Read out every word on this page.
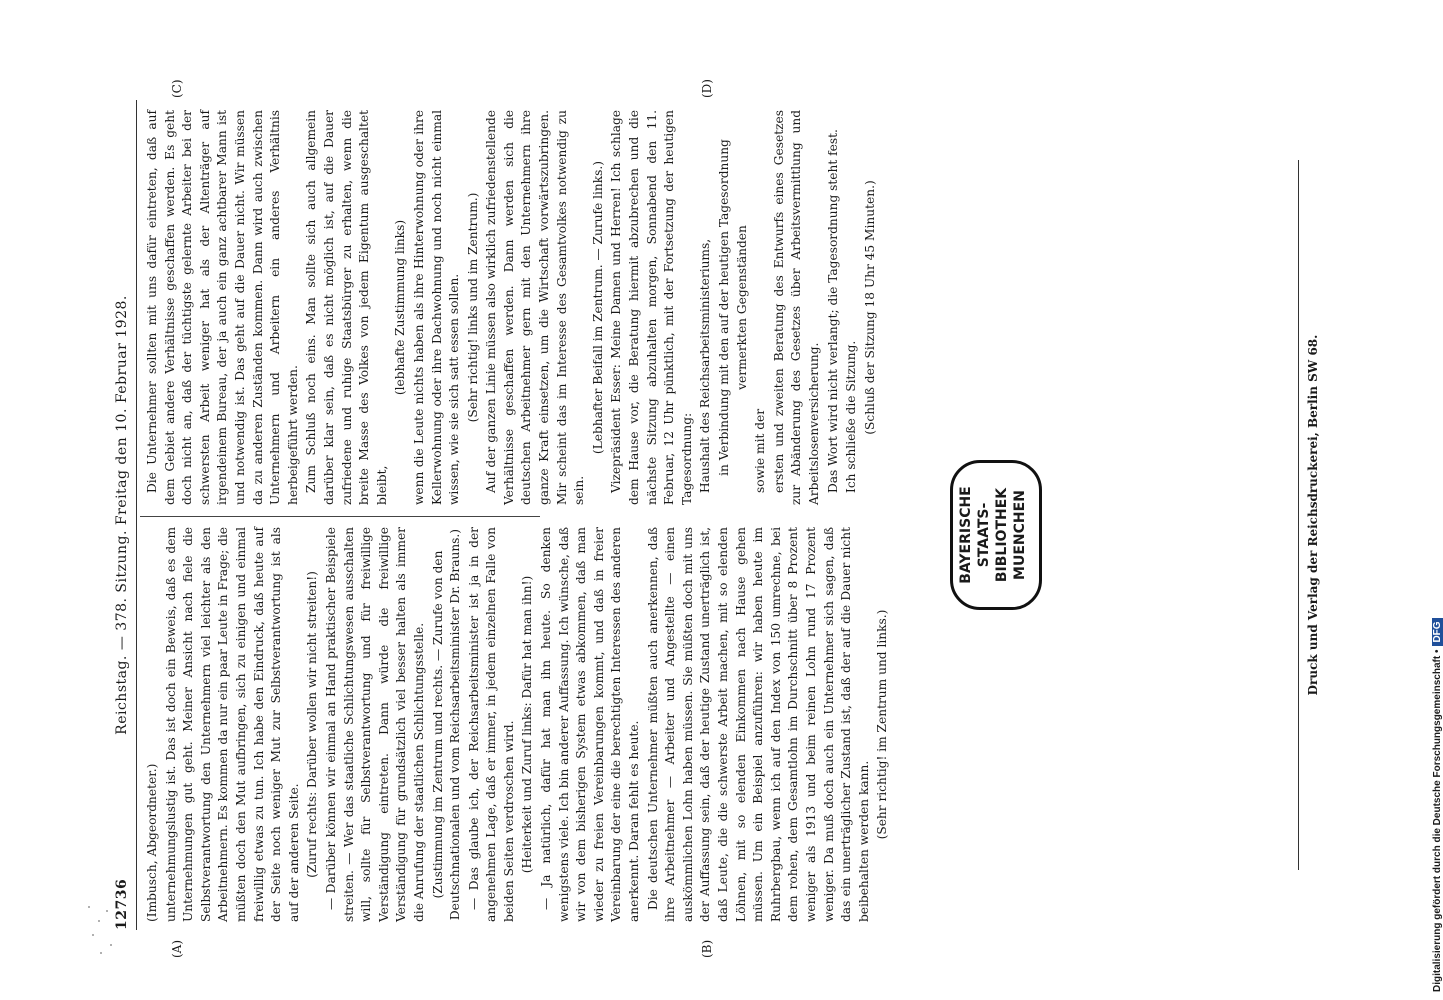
12736
Reichstag. — 378. Sitzung. Freitag den 10. Februar 1928.
(A)	(B)
(C)	(D)

(Imbusch, Abgeordneter.) unternehmungslustig ist. Das ist doch ein Beweis, daß es dem Unternehmungen gut geht. Meiner Ansicht nach fiele die Selbstverantwortung den Unternehmern viel leichter als den Arbeitnehmern. Es kommen da nur ein paar Leute in Frage; die müßten doch den Mut aufbringen, sich zu einigen und einmal freiwillig etwas zu tun. Ich habe den Eindruck, daß heute auf der Seite noch weniger Mut zur Selbstverantwortung ist als auf der anderen Seite. (Zuruf rechts: Darüber wollen wir nicht streiten!) — Darüber können wir einmal an Hand praktischer Beispiele streiten. — Wer das staatliche Schlichtungswesen ausschalten will, sollte für Selbstverantwortung und für freiwillige Verständigung eintreten. Dann würde die freiwillige Verständigung für grundsätzlich viel besser halten als immer die Anrufung der staatlichen Schlichtungsstelle. (Zustimmung im Zentrum und rechts. — Zurufe von den Deutschnationalen und vom Reichsarbeitsminister Dr. Brauns.) — Das glaube ich, der Reichsarbeitsminister ist ja in der angenehmen Lage, daß er immer, in jedem einzelnen Falle von beiden Seiten verdroschen wird. (Heiterkeit und Zuruf links: Dafür hat man ihn!) — Ja natürlich, dafür hat man ihn heute. So denken wenigstens viele. Ich bin anderer Auffassung. Ich wünsche, daß wir von dem bisherigen System etwas abkommen, daß man wieder zu freien Vereinbarungen kommt, und daß in freier Vereinbarung der eine die berechtigten Interessen des anderen anerkennt. Daran fehlt es heute. Die deutschen Unternehmer müßten auch anerkennen, daß ihre Arbeitnehmer — Arbeiter und Angestellte — einen auskömmlichen Lohn haben müssen. Sie müßten doch mit uns der Auffassung sein, daß der heutige Zustand unerträglich ist, daß Leute, die die schwerste Arbeit machen, mit so elenden Löhnen, mit so elenden Einkommen nach Hause gehen müssen. Um ein Beispiel anzuführen: wir haben heute im Ruhrbergbau, wenn ich auf den Index von 150 umrechne, bei dem rohen, dem Gesamtlohn im Durchschnitt über 8 Prozent weniger als 1913 und beim reinen Lohn rund 17 Prozent weniger. Da muß doch auch ein Unternehmer sich sagen, daß das ein unerträglicher Zustand ist, daß der auf die Dauer nicht beibehalten werden kann.

(Sehr richtig! im Zentrum und links.)

Die Unternehmer sollten mit uns dafür eintreten, daß auf dem Gebiet andere Verhältnisse geschaffen werden. Es geht doch nicht an, daß der tüchtigste gelernte Arbeiter bei der schwersten Arbeit weniger hat als der Altenträger auf irgendeinem Bureau, der ja auch ein ganz achtbarer Mann ist und notwendig ist. Das geht auf die Dauer nicht. Wir müssen da zu anderen Zuständen kommen. Dann wird auch zwischen Unternehmern und Arbeitern ein anderes Verhältnis herbeigeführt werden. Zum Schluß noch eins. Man sollte sich auch allgemein darüber klar sein, daß es nicht möglich ist, auf die Dauer zufriedene und ruhige Staatsbürger zu erhalten, wenn die breite Masse des Volkes von jedem Eigentum ausgeschaltet bleibt,

(lebhafte Zustimmung links) wenn die Leute nichts haben als ihre Hinterwohnung oder ihre Kellerwohnung oder ihre Dachwohnung und noch nicht einmal wissen, wie sie sich satt essen sollen. (Sehr richtig! links und im Zentrum.) Auf der ganzen Linie müssen also wirklich zufriedenstellende Verhältnisse geschaffen werden. Dann werden sich die deutschen Arbeitnehmer gern mit den Unternehmern ihre ganze Kraft einsetzen, um die Wirtschaft vorwärtszubringen. Mir scheint das im Interesse des Gesamtvolkes notwendig zu sein.

(Lebhafter Beifall im Zentrum. — Zurufe links.) Vizepräsident Esser: Meine Damen und Herren! Ich schlage dem Hause vor, die Beratung hiermit abzubrechen und die nächste Sitzung abzuhalten morgen, Sonnabend den 11. Februar, 12 Uhr pünktlich, mit der Fortsetzung der heutigen Tagesordnung: Haushalt des Reichsarbeitsministeriums, in Verbindung mit den auf der heutigen Tagesordnung vermerkten Gegenständen

sowie mit der ersten und zweiten Beratung des Entwurfs eines Gesetzes zur Abänderung des Gesetzes über Arbeitsvermittlung und Arbeitslosenversicherung. Das Wort wird nicht verlangt; die Tagesordnung steht fest. Ich schließe die Sitzung. (Schluß der Sitzung 18 Uhr 45 Minuten.)

BAYERISCHE STAATS- BIBLIOTHEK MUENCHEN	Druck und Verlag der Reichsdruckerei, Berlin SW 68.
Digitalisierung gefördert durch die Deutsche Forschungsgemeinschaft •DFG
